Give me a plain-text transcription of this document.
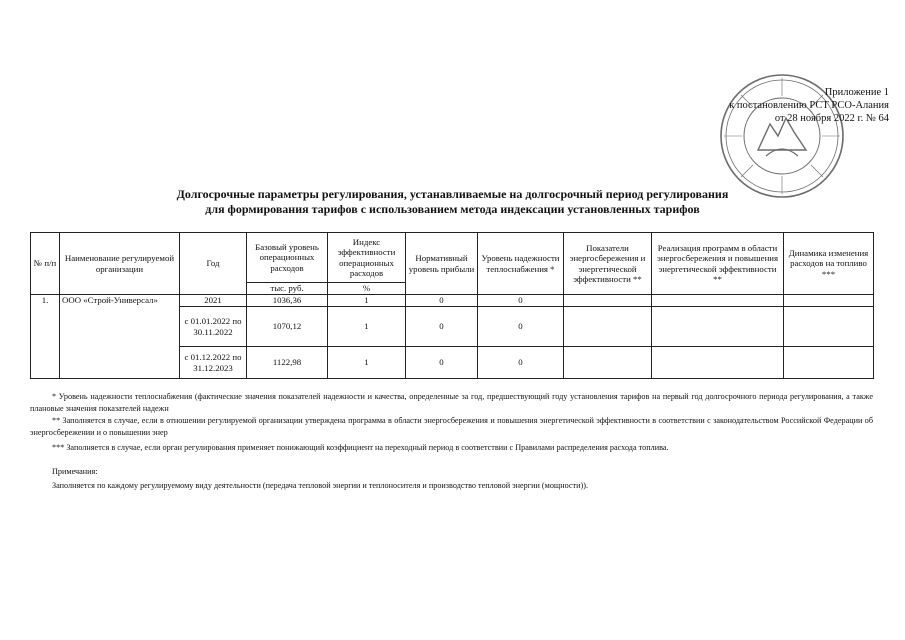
Приложение 1
к постановлению РСТ РСО-Алания
от 28 ноября 2022 г. № 64
Долгосрочные параметры регулирования, устанавливаемые на долгосрочный период регулирования
для формирования тарифов с использованием метода индексации установленных тарифов
№ п/п	Наименование регулируемой организации	Год	Базовый уровень операционных расходов	Индекс эффективности операционных расходов	Нормативный уровень прибыли	Уровень надежности теплоснабжения *	Показатели энергосбережения и энергетической эффективности **	Реализация программ в области энергосбережения и повышения энергетической эффективности **	Динамика изменения расходов на топливо ***
			тыс. руб.	%					
1.	ООО «Строй-Универсал»	2021	1036,36	1	0	0			
		с 01.01.2022 по 30.11.2022	1070,12	1	0	0			
		с 01.12.2022 по 31.12.2023	1122,98	1	0	0			
* Уровень надежности теплоснабжения (фактические значения показателей надежности и качества, определенные за год, предшествующий году установления тарифов на первый год долгосрочного периода регулирования, а также плановые значения показателей надежн
** Заполняется в случае, если в отношении регулируемой организации утверждена программа в области энергосбережения и повышения энергетической эффективности в соответствии с законодательством Российской Федерации об энергосбережении и о повышении энер
*** Заполняется в случае, если орган регулирования применяет понижающий коэффициент на переходный период в соответствии с Правилами распределения расхода топлива.
Примечания:
Заполняется по каждому регулируемому виду деятельности (передача тепловой энергии и теплоносителя и производство тепловой энергии (мощности)).
